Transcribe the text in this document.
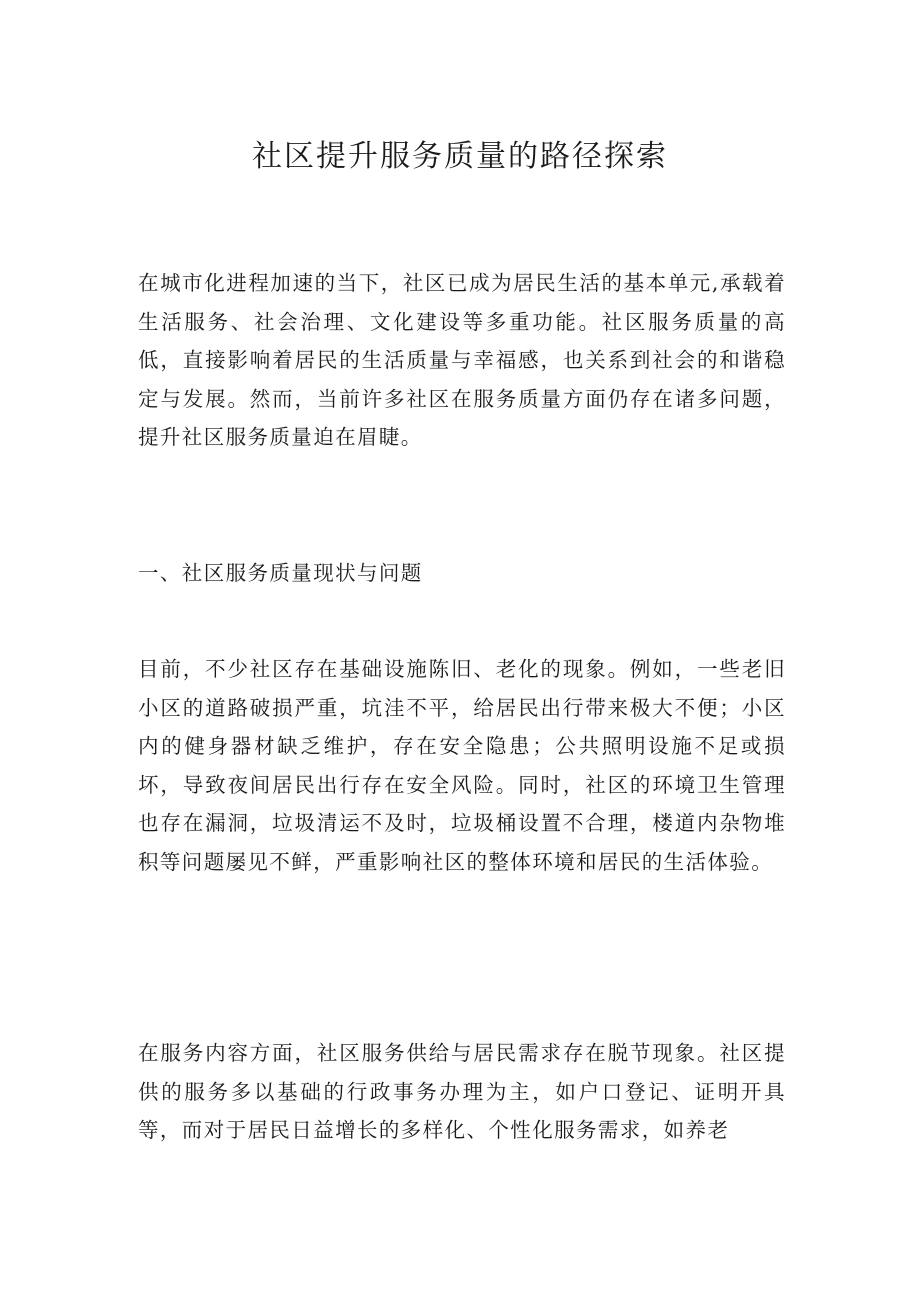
社区提升服务质量的路径探索

在城市化进程加速的当下，社区已成为居民生活的基本单元,承载着生活服务、社会治理、文化建设等多重功能。社区服务质量的高低，直接影响着居民的生活质量与幸福感，也关系到社会的和谐稳定与发展。然而，当前许多社区在服务质量方面仍存在诸多问题，提升社区服务质量迫在眉睫。

一、社区服务质量现状与问题

目前，不少社区存在基础设施陈旧、老化的现象。例如，一些老旧小区的道路破损严重，坑洼不平，给居民出行带来极大不便；小区内的健身器材缺乏维护，存在安全隐患；公共照明设施不足或损坏，导致夜间居民出行存在安全风险。同时，社区的环境卫生管理也存在漏洞，垃圾清运不及时，垃圾桶设置不合理，楼道内杂物堆积等问题屡见不鲜，严重影响社区的整体环境和居民的生活体验。

在服务内容方面，社区服务供给与居民需求存在脱节现象。社区提供的服务多以基础的行政事务办理为主，如户口登记、证明开具等，而对于居民日益增长的多样化、个性化服务需求，如养老
